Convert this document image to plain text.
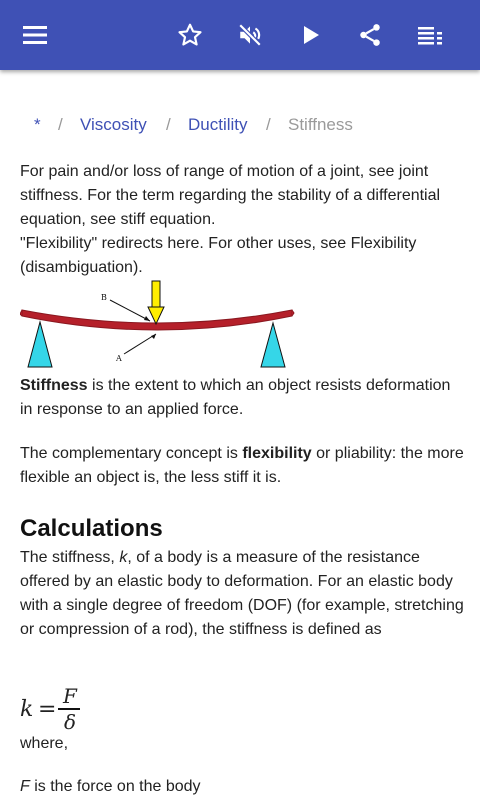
* / Viscosity / Ductility / Stiffness

For pain and/or loss of range of motion of a joint, see joint stiffness. For the term regarding the stability of a differential equation, see stiff equation.

"Flexibility" redirects here. For other uses, see Flexibility (disambiguation).

B
A

Stiffness is the extent to which an object resists deformation in response to an applied force.

The complementary concept is flexibility or pliability: the more flexible an object is, the less stiff it is.

Calculations

The stiffness, k, of a body is a measure of the resistance offered by an elastic body to deformation. For an elastic body with a single degree of freedom (DOF) (for example, stretching or compression of a rod), the stiffness is defined as

k =
F
δ

where,

F is the force on the body
